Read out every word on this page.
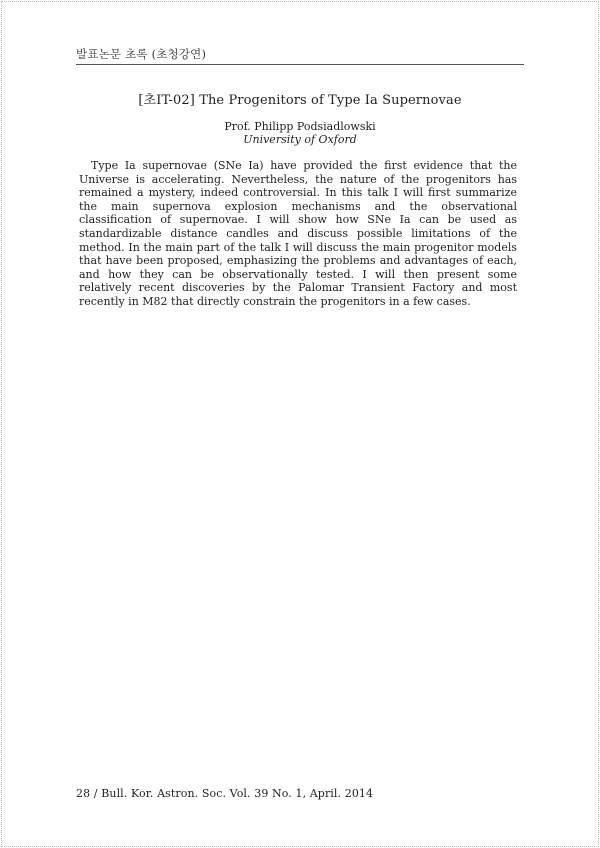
발표논문 초록 (초청강연)
[초IT-02] The Progenitors of Type Ia Supernovae
Prof. Philipp Podsiadlowski
University of Oxford

Type Ia supernovae (SNe Ia) have provided the first evidence that the Universe is accelerating. Nevertheless, the nature of the progenitors has remained a mystery, indeed controversial. In this talk I will first summarize the main supernova explosion mechanisms and the observational classification of supernovae. I will show how SNe Ia can be used as standardizable distance candles and discuss possible limitations of the method. In the main part of the talk I will discuss the main progenitor models that have been proposed, emphasizing the problems and advantages of each, and how they can be observationally tested. I will then present some relatively recent discoveries by the Palomar Transient Factory and most recently in M82 that directly constrain the progenitors in a few cases.

28 / Bull. Kor. Astron. Soc. Vol. 39 No. 1, April. 2014
